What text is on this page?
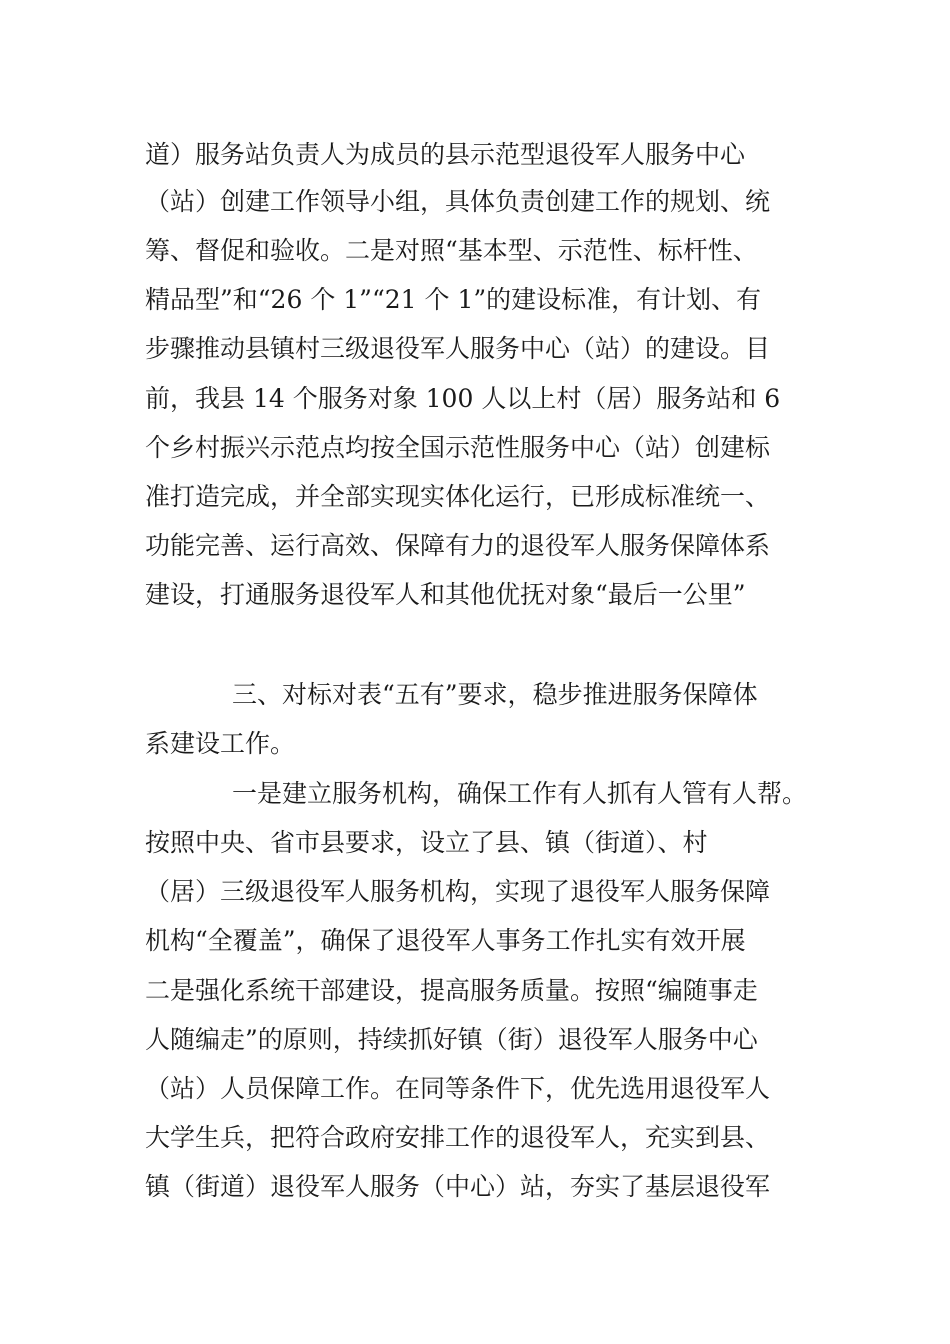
道）服务站负责人为成员的县示范型退役军人服务中心
（站）创建工作领导小组，具体负责创建工作的规划、统
筹、督促和验收。二是对照“基本型、示范性、标杆性、
精品型”和“26 个 1”“21 个 1”的建设标准，有计划、有
步骤推动县镇村三级退役军人服务中心（站）的建设。目
前，我县 14 个服务对象 100 人以上村（居）服务站和 6
个乡村振兴示范点均按全国示范性服务中心（站）创建标
准打造完成，并全部实现实体化运行，已形成标准统一、
功能完善、运行高效、保障有力的退役军人服务保障体系
建设，打通服务退役军人和其他优抚对象“最后一公里”
三、对标对表“五有”要求，稳步推进服务保障体
系建设工作。
一是建立服务机构，确保工作有人抓有人管有人帮。
按照中央、省市县要求，设立了县、镇（街道）、村
（居）三级退役军人服务机构，实现了退役军人服务保障
机构“全覆盖”，确保了退役军人事务工作扎实有效开展
二是强化系统干部建设，提高服务质量。按照“编随事走
人随编走”的原则，持续抓好镇（街）退役军人服务中心
（站）人员保障工作。在同等条件下，优先选用退役军人
大学生兵，把符合政府安排工作的退役军人，充实到县、
镇（街道）退役军人服务（中心）站，夯实了基层退役军
